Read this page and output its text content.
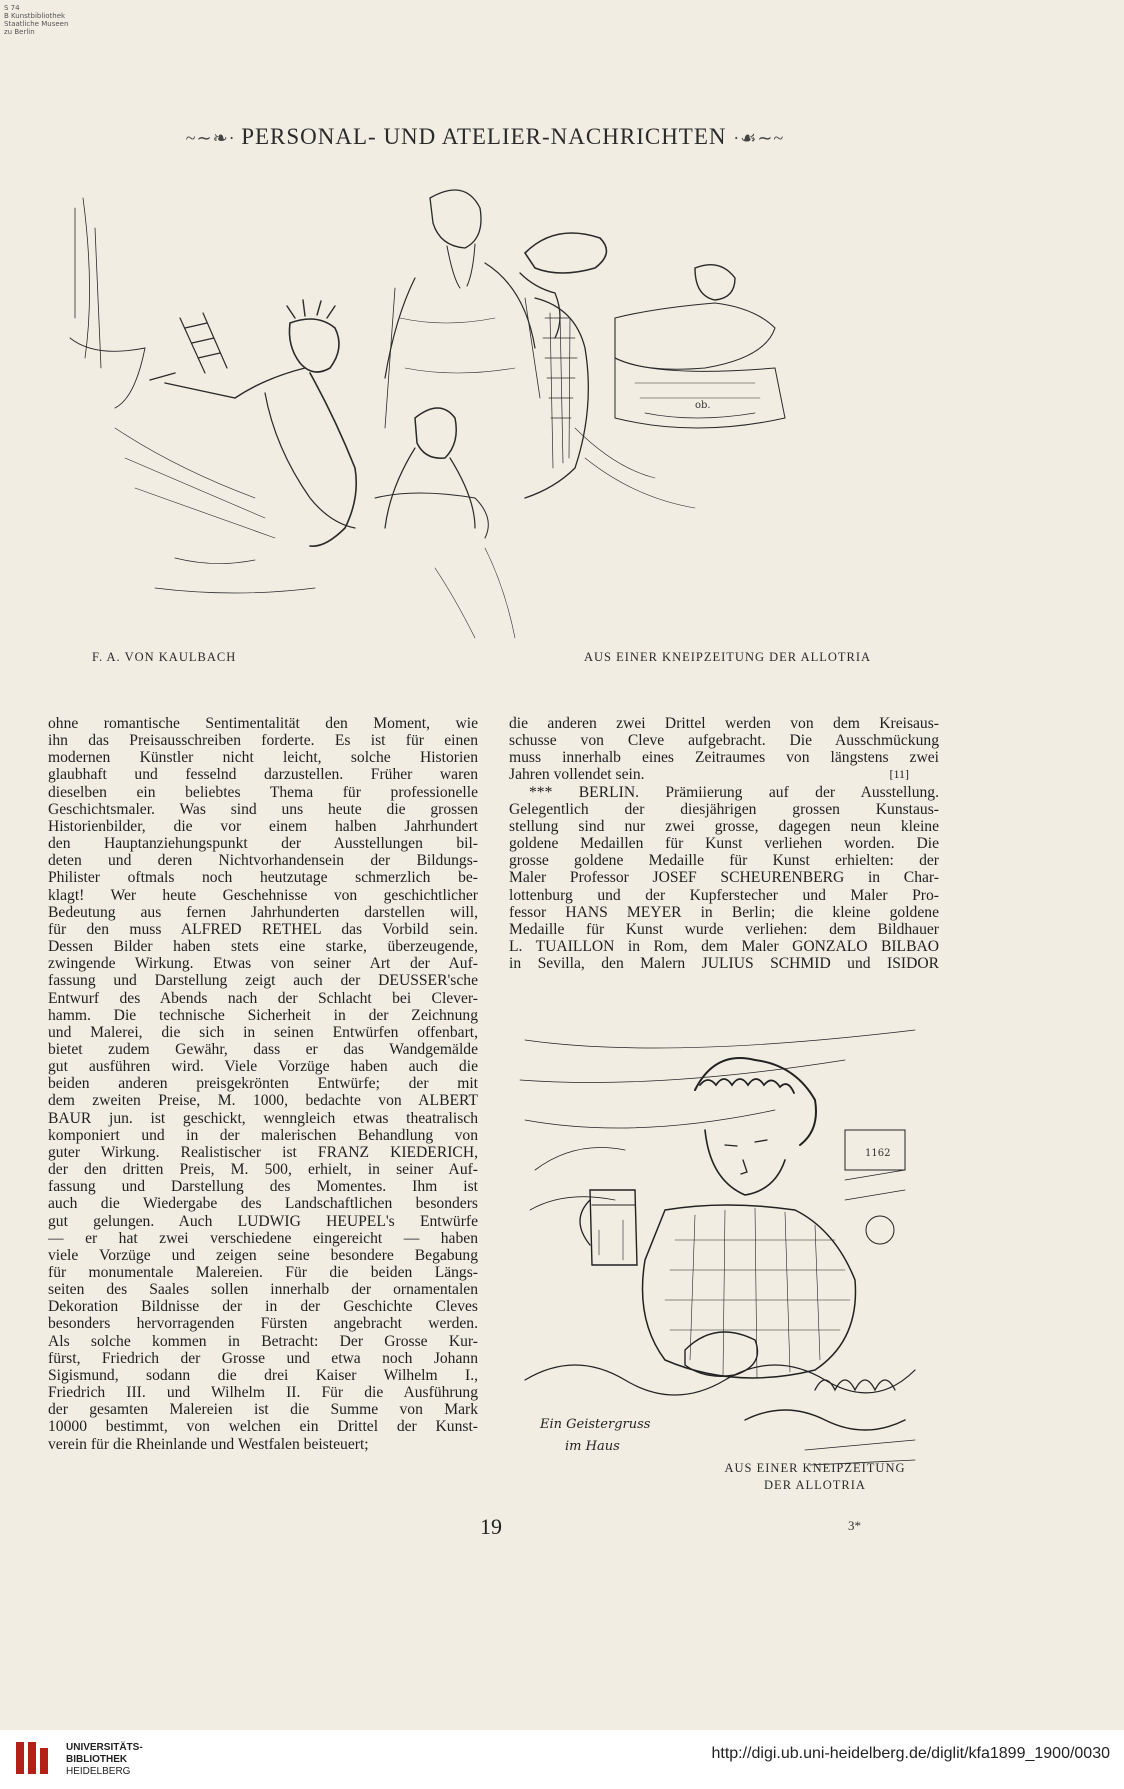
S 74
B Kunstbibliothek
Staatliche Museen
zu Berlin
~∼❧· PERSONAL- UND ATELIER-NACHRICHTEN ·☙∼~
ob.
F. A. VON KAULBACH	AUS EINER KNEIPZEITUNG DER ALLOTRIA
ohne romantische Sentimentalität den Moment, wie
ihn das Preisausschreiben forderte. Es ist für einen
modernen Künstler nicht leicht, solche Historien
glaubhaft und fesselnd darzustellen. Früher waren
dieselben ein beliebtes Thema für professionelle
Geschichtsmaler. Was sind uns heute die grossen
Historienbilder, die vor einem halben Jahrhundert
den Hauptanziehungspunkt der Ausstellungen bil-
deten und deren Nichtvorhandensein der Bildungs-
Philister oftmals noch heutzutage schmerzlich be-
klagt! Wer heute Geschehnisse von geschichtlicher
Bedeutung aus fernen Jahrhunderten darstellen will,
für den muss ALFRED RETHEL das Vorbild sein.
Dessen Bilder haben stets eine starke, überzeugende,
zwingende Wirkung. Etwas von seiner Art der Auf-
fassung und Darstellung zeigt auch der DEUSSER'sche
Entwurf des Abends nach der Schlacht bei Clever-
hamm. Die technische Sicherheit in der Zeichnung
und Malerei, die sich in seinen Entwürfen offenbart,
bietet zudem Gewähr, dass er das Wandgemälde
gut ausführen wird. Viele Vorzüge haben auch die
beiden anderen preisgekrönten Entwürfe; der mit
dem zweiten Preise, M. 1000, bedachte von ALBERT
BAUR jun. ist geschickt, wenngleich etwas theatralisch
komponiert und in der malerischen Behandlung von
guter Wirkung. Realistischer ist FRANZ KIEDERICH,
der den dritten Preis, M. 500, erhielt, in seiner Auf-
fassung und Darstellung des Momentes. Ihm ist
auch die Wiedergabe des Landschaftlichen besonders
gut gelungen. Auch LUDWIG HEUPEL's Entwürfe
— er hat zwei verschiedene eingereicht — haben
viele Vorzüge und zeigen seine besondere Begabung
für monumentale Malereien. Für die beiden Längs-
seiten des Saales sollen innerhalb der ornamentalen
Dekoration Bildnisse der in der Geschichte Cleves
besonders hervorragenden Fürsten angebracht werden.
Als solche kommen in Betracht: Der Grosse Kur-
fürst, Friedrich der Grosse und etwa noch Johann
Sigismund, sodann die drei Kaiser Wilhelm I.,
Friedrich III. und Wilhelm II. Für die Ausführung
der gesamten Malereien ist die Summe von Mark
10000 bestimmt, von welchen ein Drittel der Kunst-
verein für die Rheinlande und Westfalen beisteuert;
die anderen zwei Drittel werden von dem Kreisaus-
schusse von Cleve aufgebracht. Die Ausschmückung
muss innerhalb eines Zeitraumes von längstens zwei
Jahren vollendet sein.	[11]
*** BERLIN. Prämiierung auf der Ausstellung.
Gelegentlich der diesjährigen grossen Kunstaus-
stellung sind nur zwei grosse, dagegen neun kleine
goldene Medaillen für Kunst verliehen worden. Die
grosse goldene Medaille für Kunst erhielten: der
Maler Professor JOSEF SCHEURENBERG in Char-
lottenburg und der Kupferstecher und Maler Pro-
fessor HANS MEYER in Berlin; die kleine goldene
Medaille für Kunst wurde verliehen: dem Bildhauer
L. TUAILLON in Rom, dem Maler GONZALO BILBAO
in Sevilla, den Malern JULIUS SCHMID und ISIDOR
1162
Ein Geistergruss
im Haus
AUS EINER KNEIPZEITUNG
DER ALLOTRIA
19	3*
UNIVERSITÄTS-
BIBLIOTHEK
HEIDELBERG
http://digi.ub.uni-heidelberg.de/diglit/kfa1899_1900/0030
